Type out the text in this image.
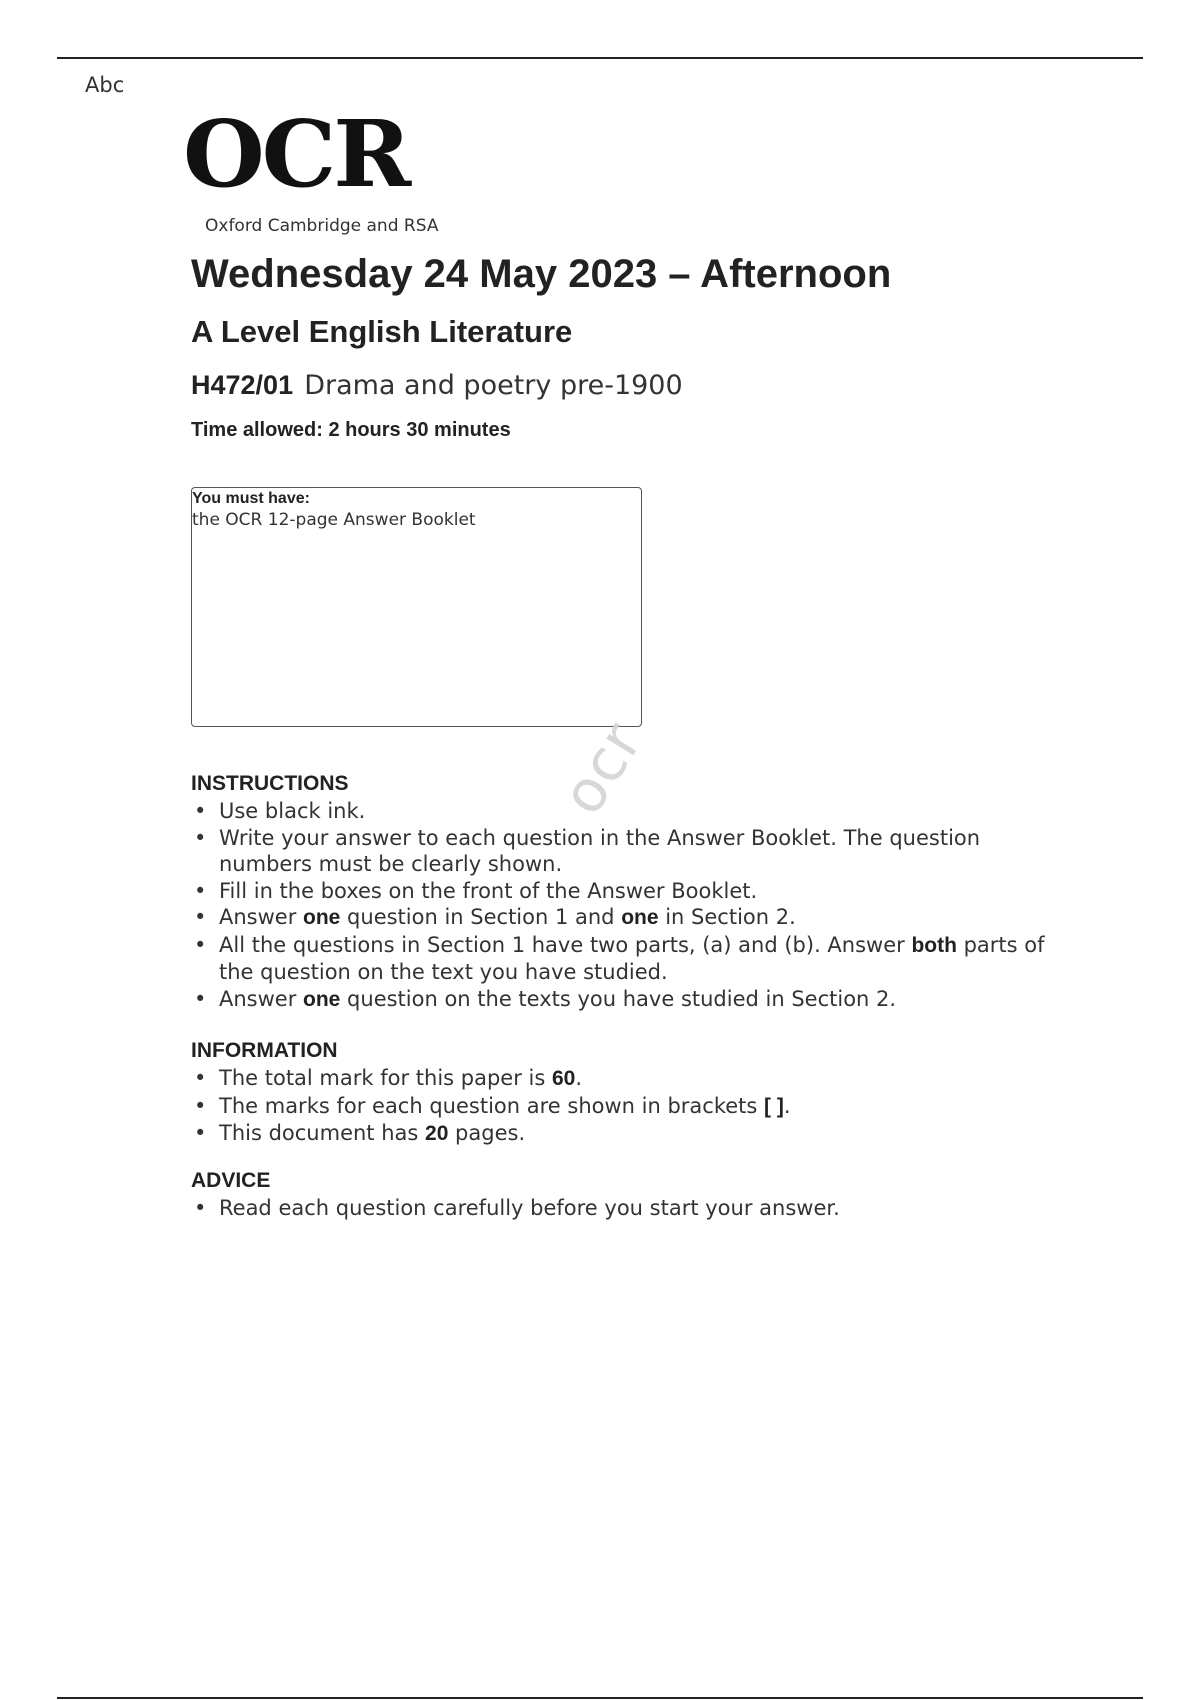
Abc
OCR
Oxford Cambridge and RSA
Wednesday 24 May 2023 – Afternoon
A Level English Literature
H472/01 Drama and poetry pre-1900
Time allowed: 2 hours 30 minutes
You must have:
the OCR 12-page Answer Booklet
ocr
INSTRUCTIONS
• Use black ink.
• Write your answer to each question in the Answer Booklet. The question numbers must be clearly shown.
• Fill in the boxes on the front of the Answer Booklet.
• Answer one question in Section 1 and one in Section 2.
• All the questions in Section 1 have two parts, (a) and (b). Answer both parts of the question on the text you have studied.
• Answer one question on the texts you have studied in Section 2.
INFORMATION
• The total mark for this paper is 60.
• The marks for each question are shown in brackets [ ].
• This document has 20 pages.
ADVICE
• Read each question carefully before you start your answer.
